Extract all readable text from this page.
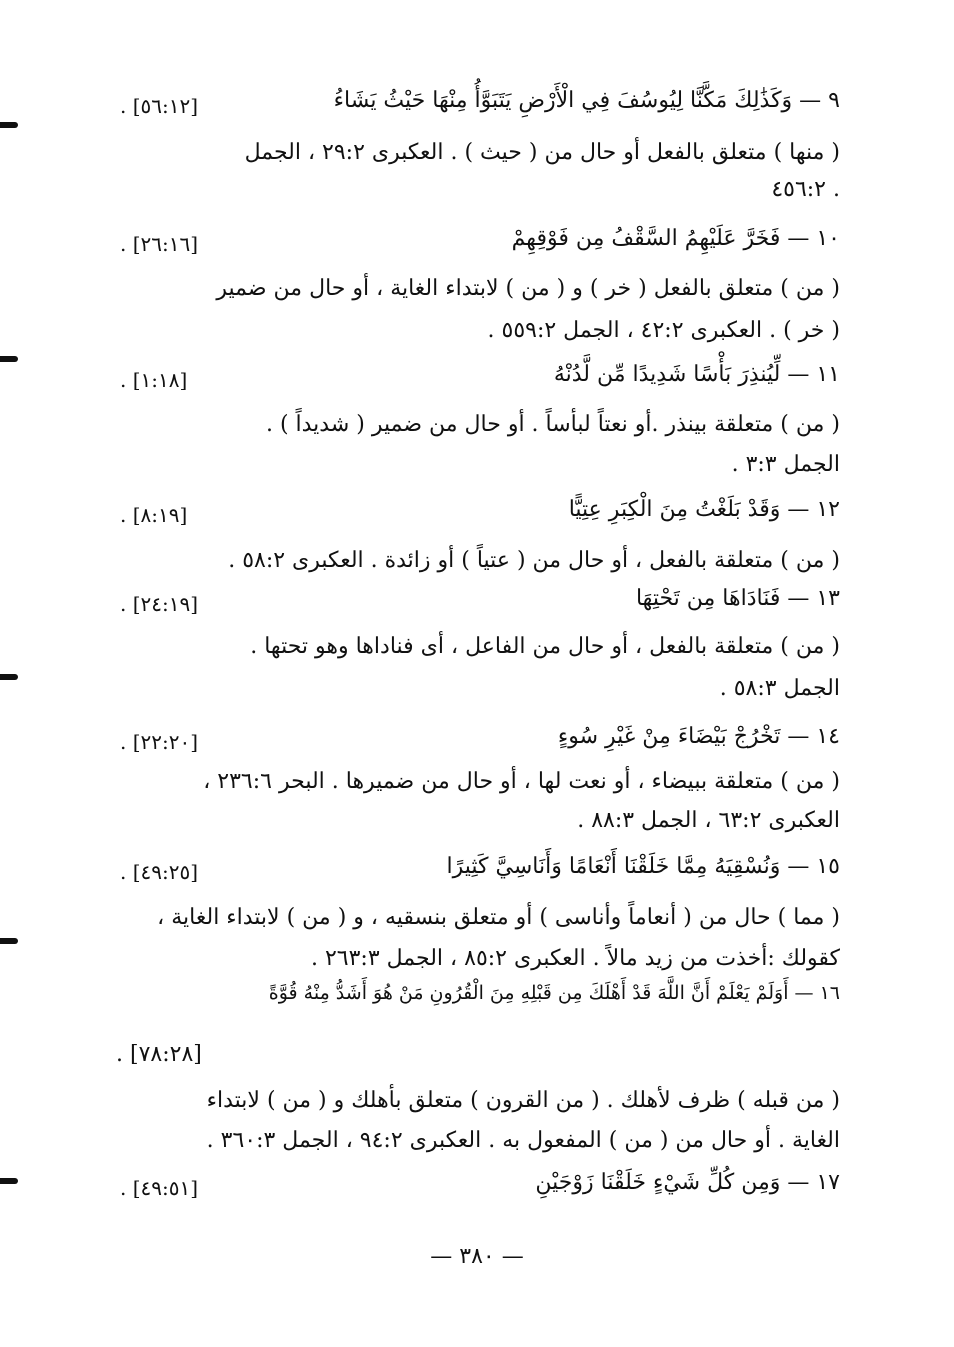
٩ — وَكَذَٰلِكَ مَكَّنَّا لِيُوسُفَ فِي الْأَرْضِ يَتَبَوَّأُ مِنْهَا حَيْثُ يَشَاءُ
[٥٦:١٢] .
( منها ) متعلق بالفعل أو حال من ( حيث ) . العكبرى ٢٩:٢ ، الجمل
. ٤٥٦:٢
١٠ — فَخَرَّ عَلَيْهِمُ السَّقْفُ مِن فَوْقِهِمْ
[٢٦:١٦] .
( من ) متعلق بالفعل ( خر ) و ( من ) لابتداء الغاية ، أو حال من ضمير
( خر ) . العكبرى ٤٢:٢ ، الجمل ٥٥٩:٢ .
١١ — لِّيُنذِرَ بَأْسًا شَدِيدًا مِّن لَّدُنْهُ
[١:١٨] .
( من ) متعلقة بينذر .أو نعتاً لبأساً . أو حال من ضمير ( شديداً ) .
الجمل ٣:٣ .
١٢ — وَقَدْ بَلَغْتُ مِنَ الْكِبَرِ عِتِيًّا
[٨:١٩] .
( من ) متعلقة بالفعل ، أو حال من ( عتياً ) أو زائدة . العكبرى ٥٨:٢ .
١٣ — فَنَادَاهَا مِن تَحْتِهَا
[٢٤:١٩] .
( من ) متعلقة بالفعل ، أو حال من الفاعل ، أى فناداها وهو تحتها .
الجمل ٥٨:٣ .
١٤ — تَخْرُجْ بَيْضَاءَ مِنْ غَيْرِ سُوءٍ
[٢٢:٢٠] .
( من ) متعلقة ببيضاء ، أو نعت لها ، أو حال من ضميرها . البحر ٢٣٦:٦ ،
العكبرى ٦٣:٢ ، الجمل ٨٨:٣ .
١٥ — وَنُسْقِيَهُ مِمَّا خَلَقْنَا أَنْعَامًا وَأَنَاسِيَّ كَثِيرًا
[٤٩:٢٥] .
( مما ) حال من ( أنعاماً وأناسى ) أو متعلق بنسقيه ، و ( من ) لابتداء الغاية ،
كقولك :أخذت من زيد مالاً . العكبرى ٨٥:٢ ، الجمل ٢٦٣:٣ .
١٦ — أَوَلَمْ يَعْلَمْ أَنَّ اللَّهَ قَدْ أَهْلَكَ مِن قَبْلِهِ مِنَ الْقُرُونِ مَنْ هُوَ أَشَدُّ مِنْهُ قُوَّةً
[٧٨:٢٨] .
( من قبله ) ظرف لأهلك . ( من القرون ) متعلق بأهلك و ( من ) لابتداء
الغاية . أو حال من ( من ) المفعول به . العكبرى ٩٤:٢ ، الجمل ٣٦٠:٣ .
١٧ — وَمِن كُلِّ شَيْءٍ خَلَقْنَا زَوْجَيْنِ
[٤٩:٥١] .
— ٣٨٠ —
